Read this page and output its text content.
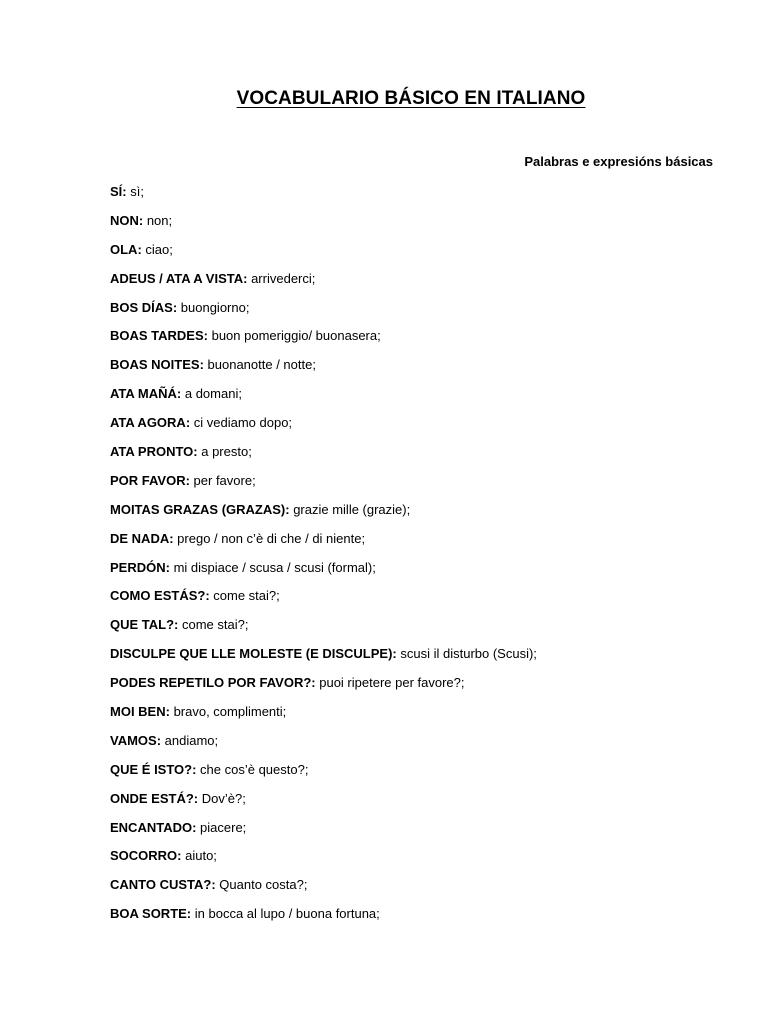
VOCABULARIO BÁSICO EN ITALIANO

Palabras e expresións básicas

SÍ: sì;
NON: non;
OLA: ciao;
ADEUS / ATA A VISTA: arrivederci;
BOS DÍAS: buongiorno;
BOAS TARDES: buon pomeriggio/ buonasera;
BOAS NOITES: buonanotte / notte;
ATA MAÑÁ: a domani;
ATA AGORA: ci vediamo dopo;
ATA PRONTO: a presto;
POR FAVOR: per favore;
MOITAS GRAZAS (GRAZAS): grazie mille (grazie);
DE NADA: prego / non c’è di che / di niente;
PERDÓN: mi dispiace / scusa / scusi (formal);
COMO ESTÁS?: come stai?;
QUE TAL?: come stai?;
DISCULPE QUE LLE MOLESTE (E DISCULPE): scusi il disturbo (Scusi);
PODES REPETILO POR FAVOR?: puoi ripetere per favore?;
MOI BEN: bravo, complimenti;
VAMOS: andiamo;
QUE É ISTO?: che cos’è questo?;
ONDE ESTÁ?: Dov’è?;
ENCANTADO: piacere;
SOCORRO: aiuto;
CANTO CUSTA?: Quanto costa?;
BOA SORTE: in bocca al lupo / buona fortuna;
